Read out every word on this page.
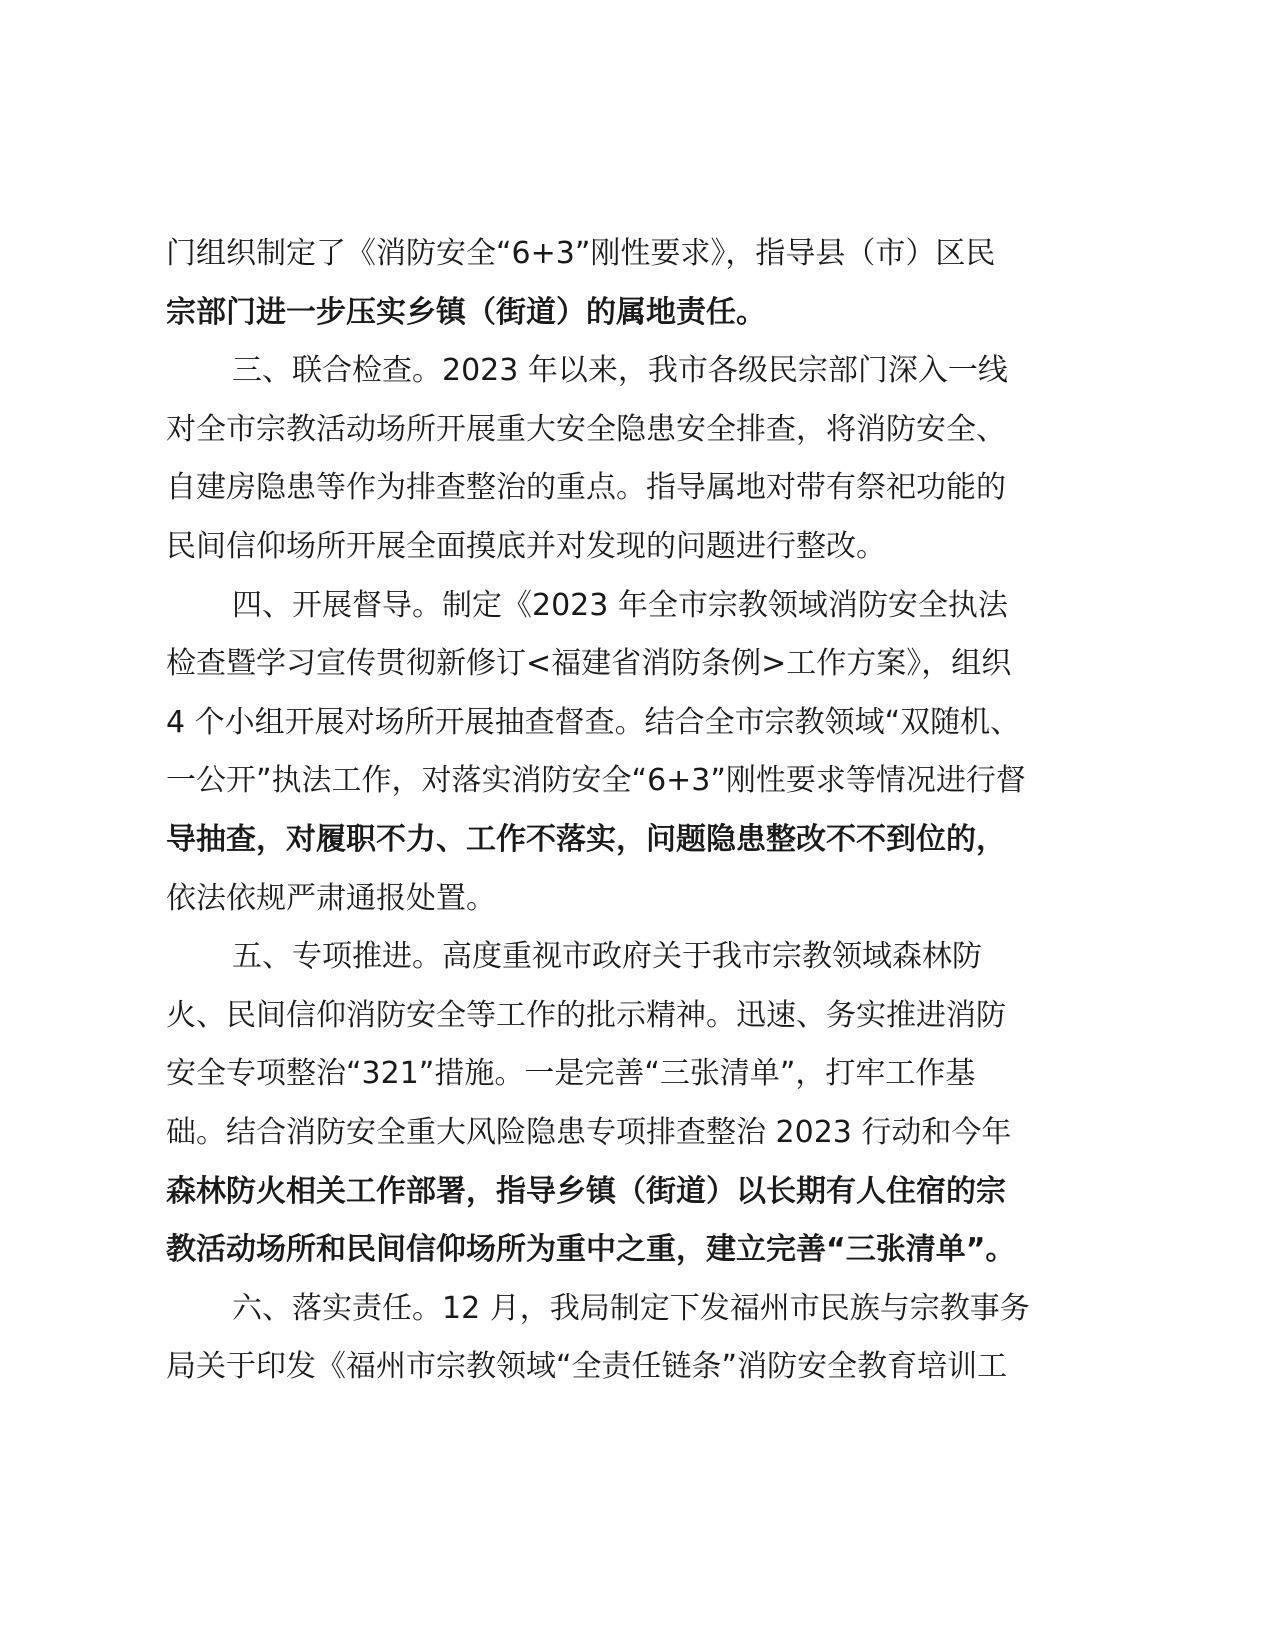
门组织制定了《消防安全“6+3”刚性要求》，指导县（市）区民
宗部门进一步压实乡镇（街道）的属地责任。
三、联合检查。2023 年以来，我市各级民宗部门深入一线
对全市宗教活动场所开展重大安全隐患安全排查，将消防安全、
自建房隐患等作为排查整治的重点。指导属地对带有祭祀功能的
民间信仰场所开展全面摸底并对发现的问题进行整改。
四、开展督导。制定《2023 年全市宗教领域消防安全执法
检查暨学习宣传贯彻新修订<福建省消防条例>工作方案》，组织
4 个小组开展对场所开展抽查督查。结合全市宗教领域“双随机、
一公开”执法工作，对落实消防安全“6+3”刚性要求等情况进行督
导抽查，对履职不力、工作不落实，问题隐患整改不不到位的，
依法依规严肃通报处置。
五、专项推进。高度重视市政府关于我市宗教领域森林防
火、民间信仰消防安全等工作的批示精神。迅速、务实推进消防
安全专项整治“321”措施。一是完善“三张清单”，打牢工作基
础。结合消防安全重大风险隐患专项排查整治 2023 行动和今年
森林防火相关工作部署，指导乡镇（街道）以长期有人住宿的宗
教活动场所和民间信仰场所为重中之重，建立完善“三张清单”。
六、落实责任。12 月，我局制定下发福州市民族与宗教事务
局关于印发《福州市宗教领域“全责任链条”消防安全教育培训工
